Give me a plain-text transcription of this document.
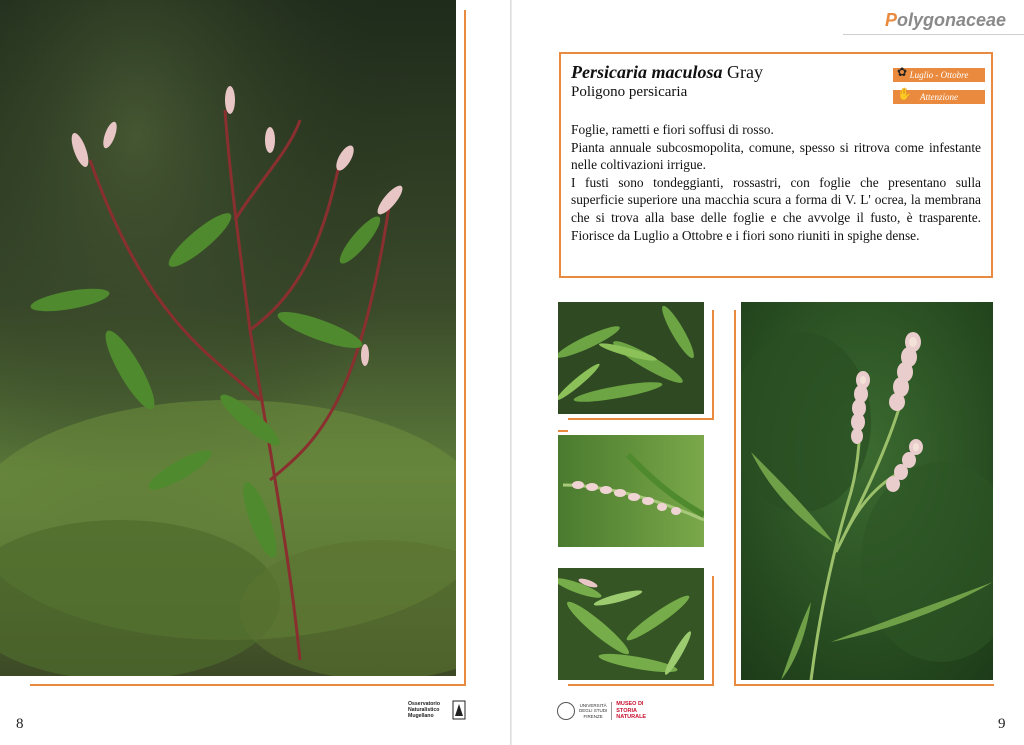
8
Osservatorio
Naturalistico
Mugellano
Polygonaceae
Persicaria maculosa Gray
Poligono persicaria
✿ Luglio - Ottobre
✋ Attenzione
Foglie, rametti e fiori soffusi di rosso.
Pianta annuale subcosmopolita, comune, spesso si ritrova come infestante nelle coltivazioni irrigue.
I fusti sono tondeggianti, rossastri, con foglie che presentano sulla superficie superiore una macchia scura a forma di V. L' ocrea, la membrana che si trova alla base delle foglie e che avvolge il fusto, è trasparente. Fiorisce da Luglio a Ottobre e i fiori sono riuniti in spighe dense.
UNIVERSITÀ
DEGLI STUDI
FIRENZE
MUSEO DI
STORIA
NATURALE	9
